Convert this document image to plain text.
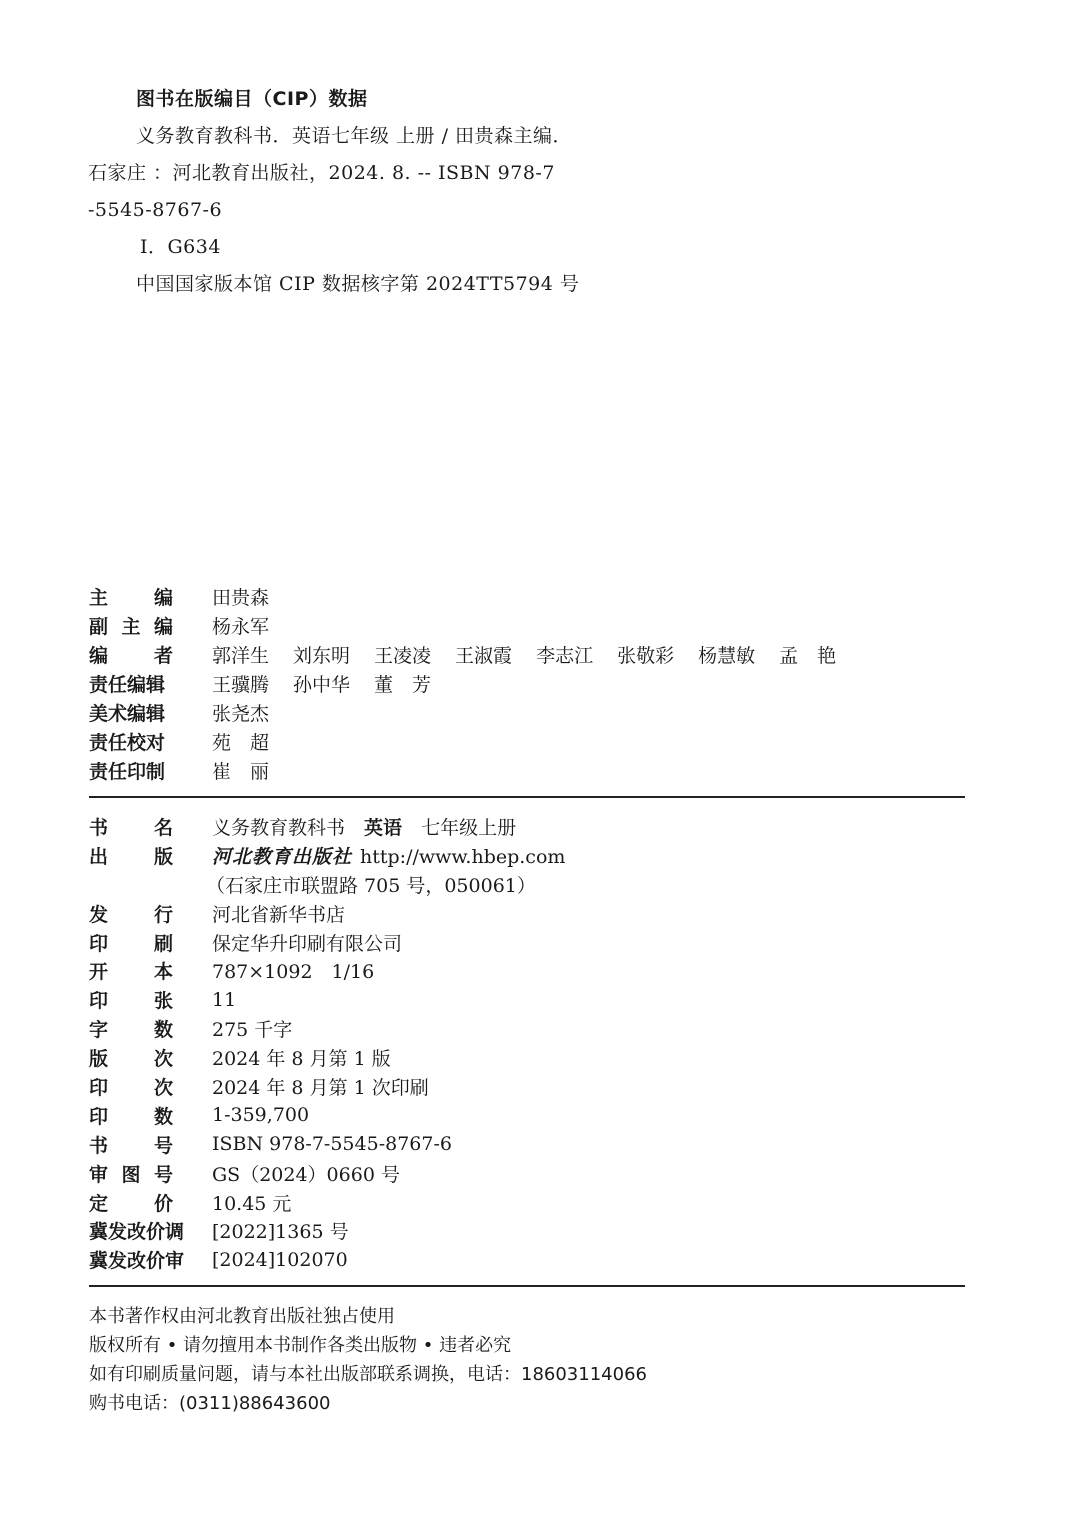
图书在版编目（CIP）数据
义务教育教科书．英语七年级 上册 / 田贵森主编．
石家庄 ：河北教育出版社，2024. 8. -- ISBN 978-7
-5545-8767-6
Ⅰ．G634
中国国家版本馆 CIP 数据核字第 2024TT5794 号
主 编 田贵森
副 主 编 杨永军
编 者 郭洋生 刘东明 王凌凌 王淑霞 李志江 张敬彩 杨慧敏 孟　艳
责任编辑	王骥腾 孙中华 董　芳
美术编辑	张尧杰
责任校对	苑　超
责任印制	崔　丽
书 名 义务教育教科书　 英语　 七年级上册
出 版 河北教育出版社 http://www.hbep.com
（石家庄市联盟路 705 号，050061）
发 行 河北省新华书店
印 刷 保定华升印刷有限公司
开 本 787×1092　1/16
印 张 11
字 数 275 千字
版 次 2024 年 8 月第 1 版
印 次 2024 年 8 月第 1 次印刷
印 数 1-359,700
书 号 ISBN 978-7-5545-8767-6
审 图 号 GS（2024）0660 号
定 价 10.45 元
冀发改价调	[2022]1365 号
冀发改价审	[2024]102070
本书著作权由河北教育出版社独占使用
版权所有 • 请勿擅用本书制作各类出版物 • 违者必究
如有印刷质量问题，请与本社出版部联系调换，电话：18603114066
购书电话：(0311)88643600
